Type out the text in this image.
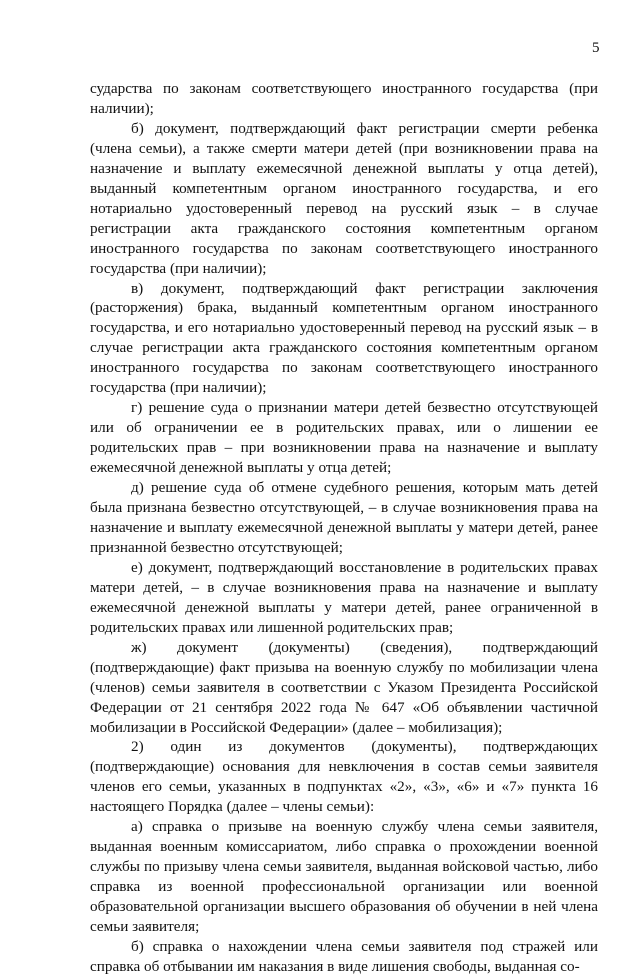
5

сударства по законам соответствующего иностранного государства (при наличии);

б) документ, подтверждающий факт регистрации смерти ребенка (члена семьи), а также смерти матери детей (при возникновении права на назначение и выплату ежемесячной денежной выплаты у отца детей), выданный компетентным органом иностранного государства, и его нотариально удостоверенный перевод на русский язык – в случае регистрации акта гражданского состояния компетентным органом иностранного государства по законам соответствующего иностранного государства (при наличии);

в) документ, подтверждающий факт регистрации заключения (расторжения) брака, выданный компетентным органом иностранного государства, и его нотариально удостоверенный перевод на русский язык – в случае регистрации акта гражданского состояния компетентным органом иностранного государства по законам соответствующего иностранного государства (при наличии);

г) решение суда о признании матери детей безвестно отсутствующей или об ограничении ее в родительских правах, или о лишении ее родительских прав – при возникновении права на назначение и выплату ежемесячной денежной выплаты у отца детей;

д) решение суда об отмене судебного решения, которым мать детей была признана безвестно отсутствующей, – в случае возникновения права на назначение и выплату ежемесячной денежной выплаты у матери детей, ранее признанной безвестно отсутствующей;

е) документ, подтверждающий восстановление в родительских правах матери детей, – в случае возникновения права на назначение и выплату ежемесячной денежной выплаты у матери детей, ранее ограниченной в родительских правах или лишенной родительских прав;

ж) документ (документы) (сведения), подтверждающий (подтверждающие) факт призыва на военную службу по мобилизации члена (членов) семьи заявителя в соответствии с Указом Президента Российской Федерации от 21 сентября 2022 года № 647 «Об объявлении частичной мобилизации в Российской Федерации» (далее – мобилизация);

2) один из документов (документы), подтверждающих (подтверждающие) основания для невключения в состав семьи заявителя членов его семьи, указанных в подпунктах «2», «3», «6» и «7» пункта 16 настоящего Порядка (далее – члены семьи):

а) справка о призыве на военную службу члена семьи заявителя, выданная военным комиссариатом, либо справка о прохождении военной службы по призыву члена семьи заявителя, выданная войсковой частью, либо справка из военной профессиональной организации или военной образовательной организации высшего образования об обучении в ней члена семьи заявителя;

б) справка о нахождении члена семьи заявителя под стражей или справка об отбывании им наказания в виде лишения свободы, выданная со-
